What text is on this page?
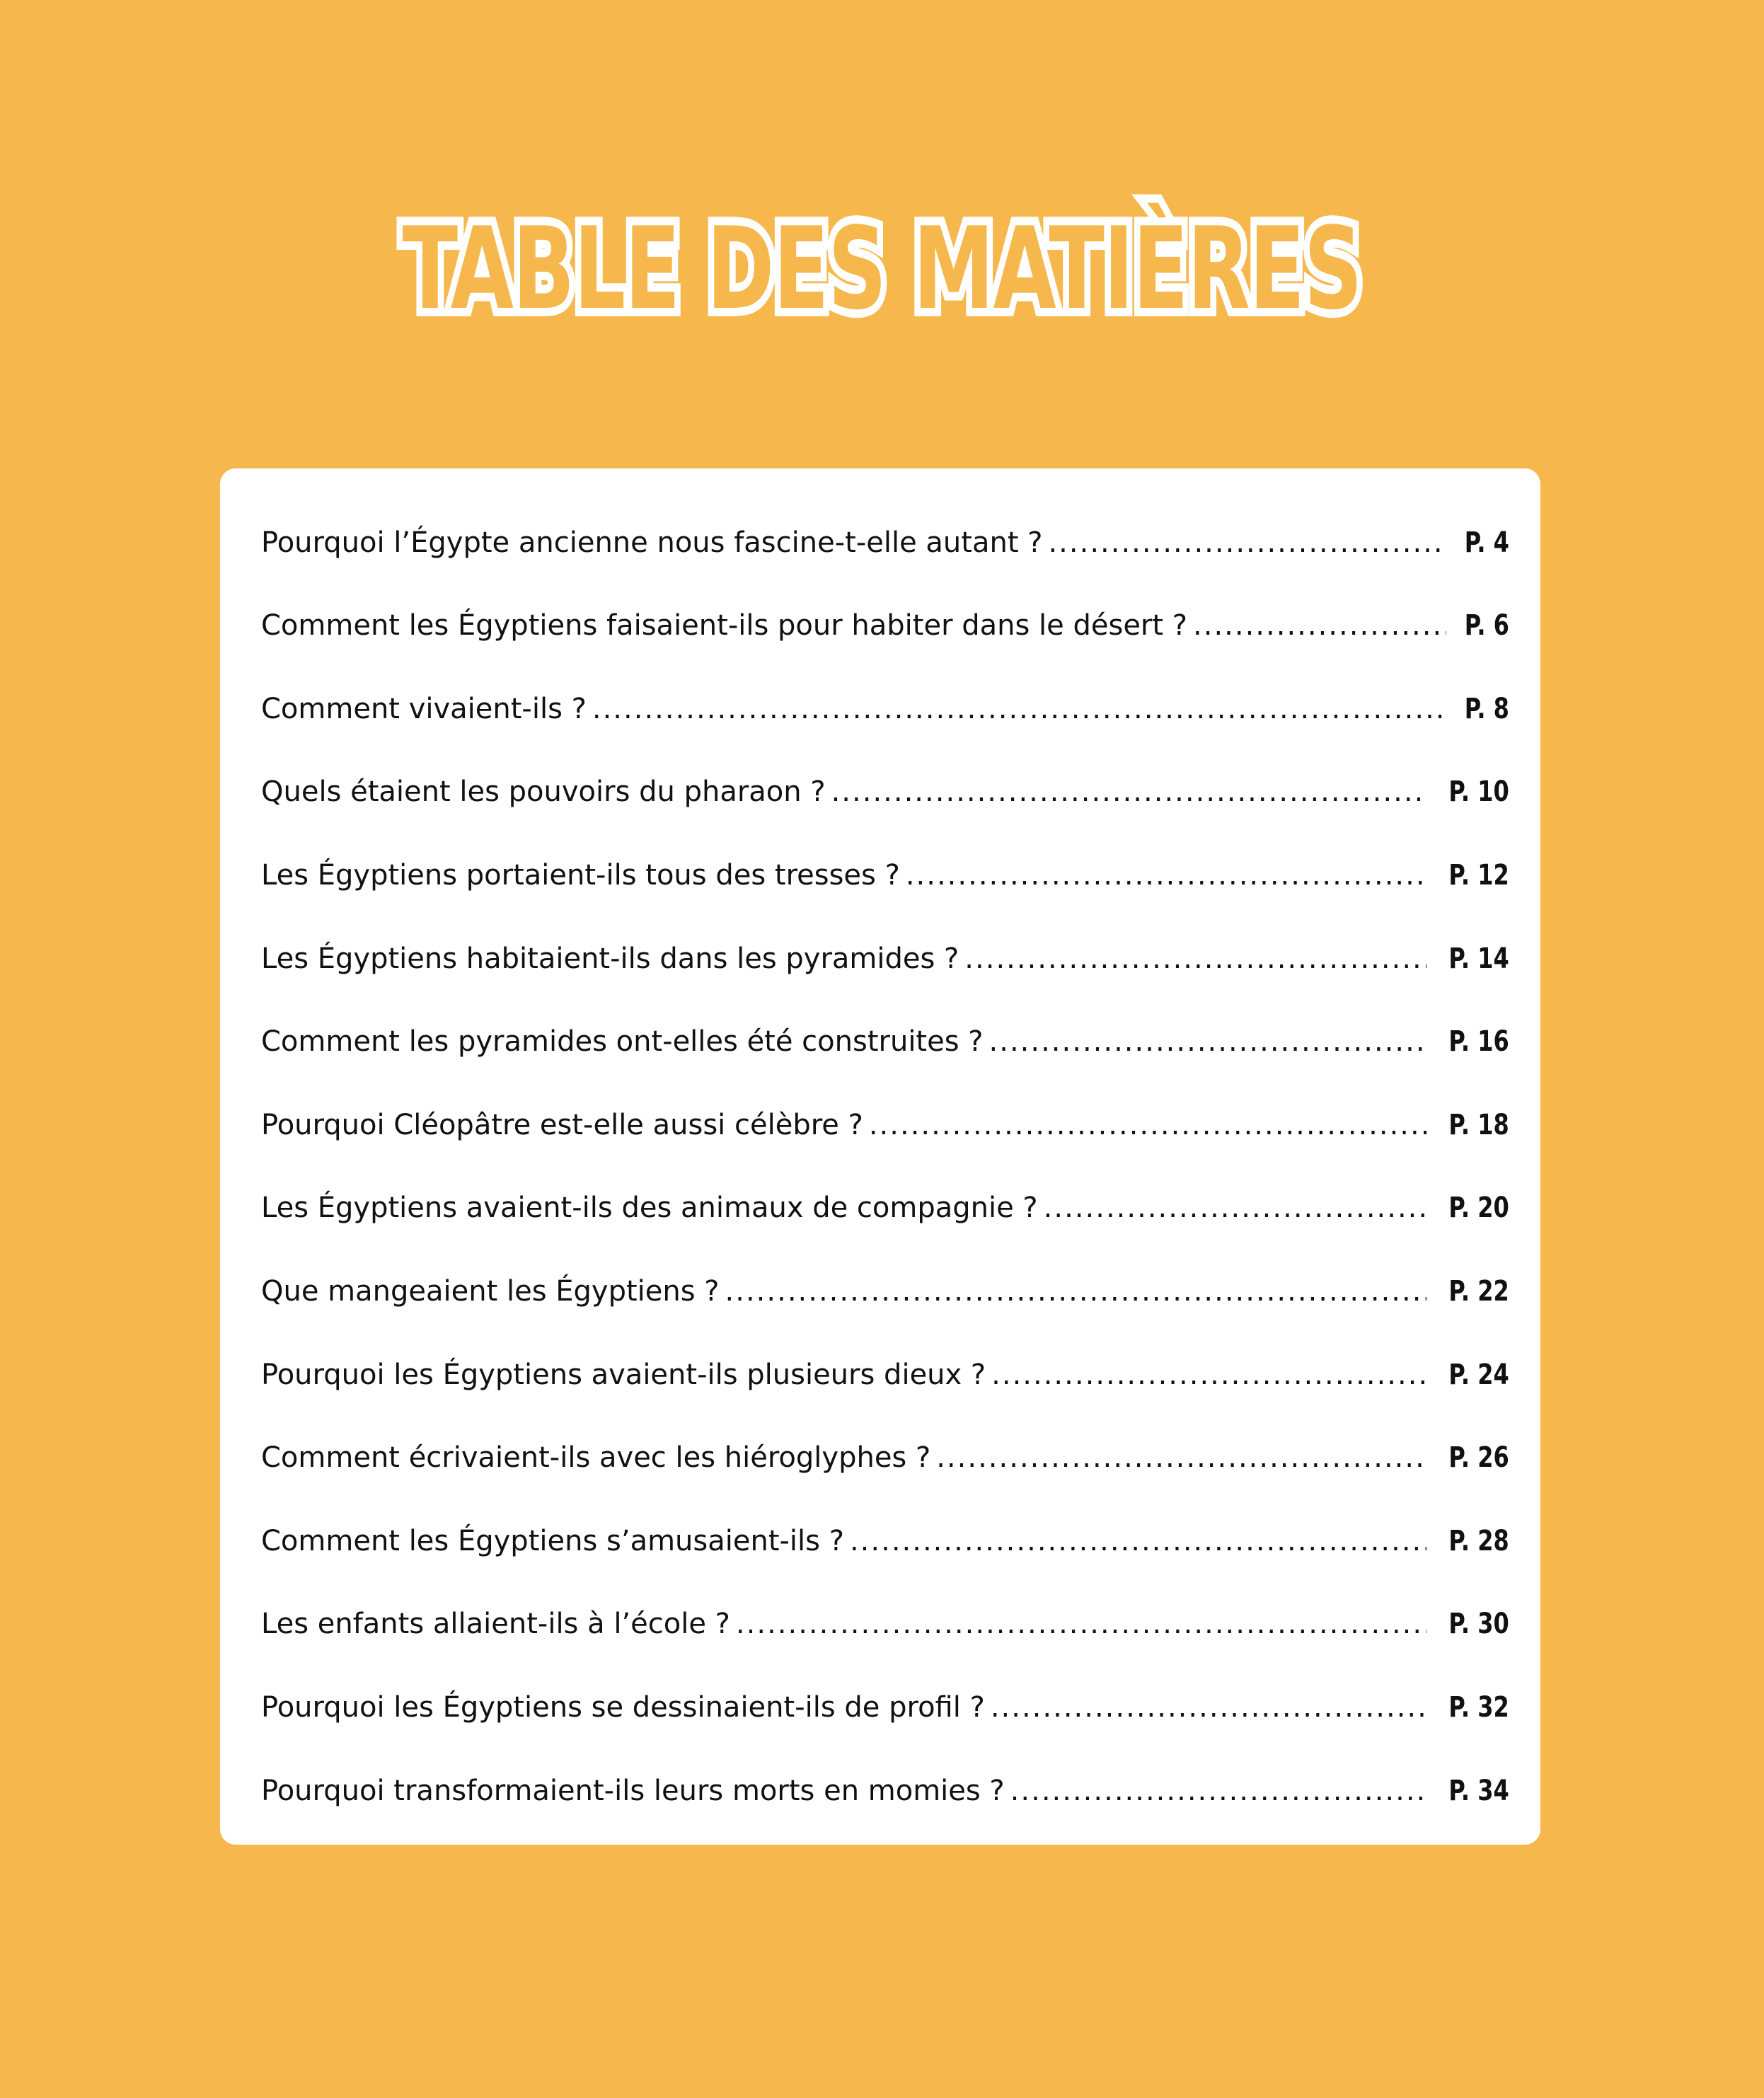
TABLE DES MATIÈRES
Pourquoi l’Égypte ancienne nous fascine-t-elle autant ? .....	P. 4
Comment les Égyptiens faisaient-ils pour habiter dans le désert ? .....	P. 6
Comment vivaient-ils ? .....	P. 8
Quels étaient les pouvoirs du pharaon ? .....	P. 10
Les Égyptiens portaient-ils tous des tresses ? .....	P. 12
Les Égyptiens habitaient-ils dans les pyramides ? .....	P. 14
Comment les pyramides ont-elles été construites ? .....	P. 16
Pourquoi Cléopâtre est-elle aussi célèbre ? .....	P. 18
Les Égyptiens avaient-ils des animaux de compagnie ? .....	P. 20
Que mangeaient les Égyptiens ? .....	P. 22
Pourquoi les Égyptiens avaient-ils plusieurs dieux ? .....	P. 24
Comment écrivaient-ils avec les hiéroglyphes ? .....	P. 26
Comment les Égyptiens s’amusaient-ils ? .....	P. 28
Les enfants allaient-ils à l’école ? .....	P. 30
Pourquoi les Égyptiens se dessinaient-ils de profil ? .....	P. 32
Pourquoi transformaient-ils leurs morts en momies ? .....	P. 34
